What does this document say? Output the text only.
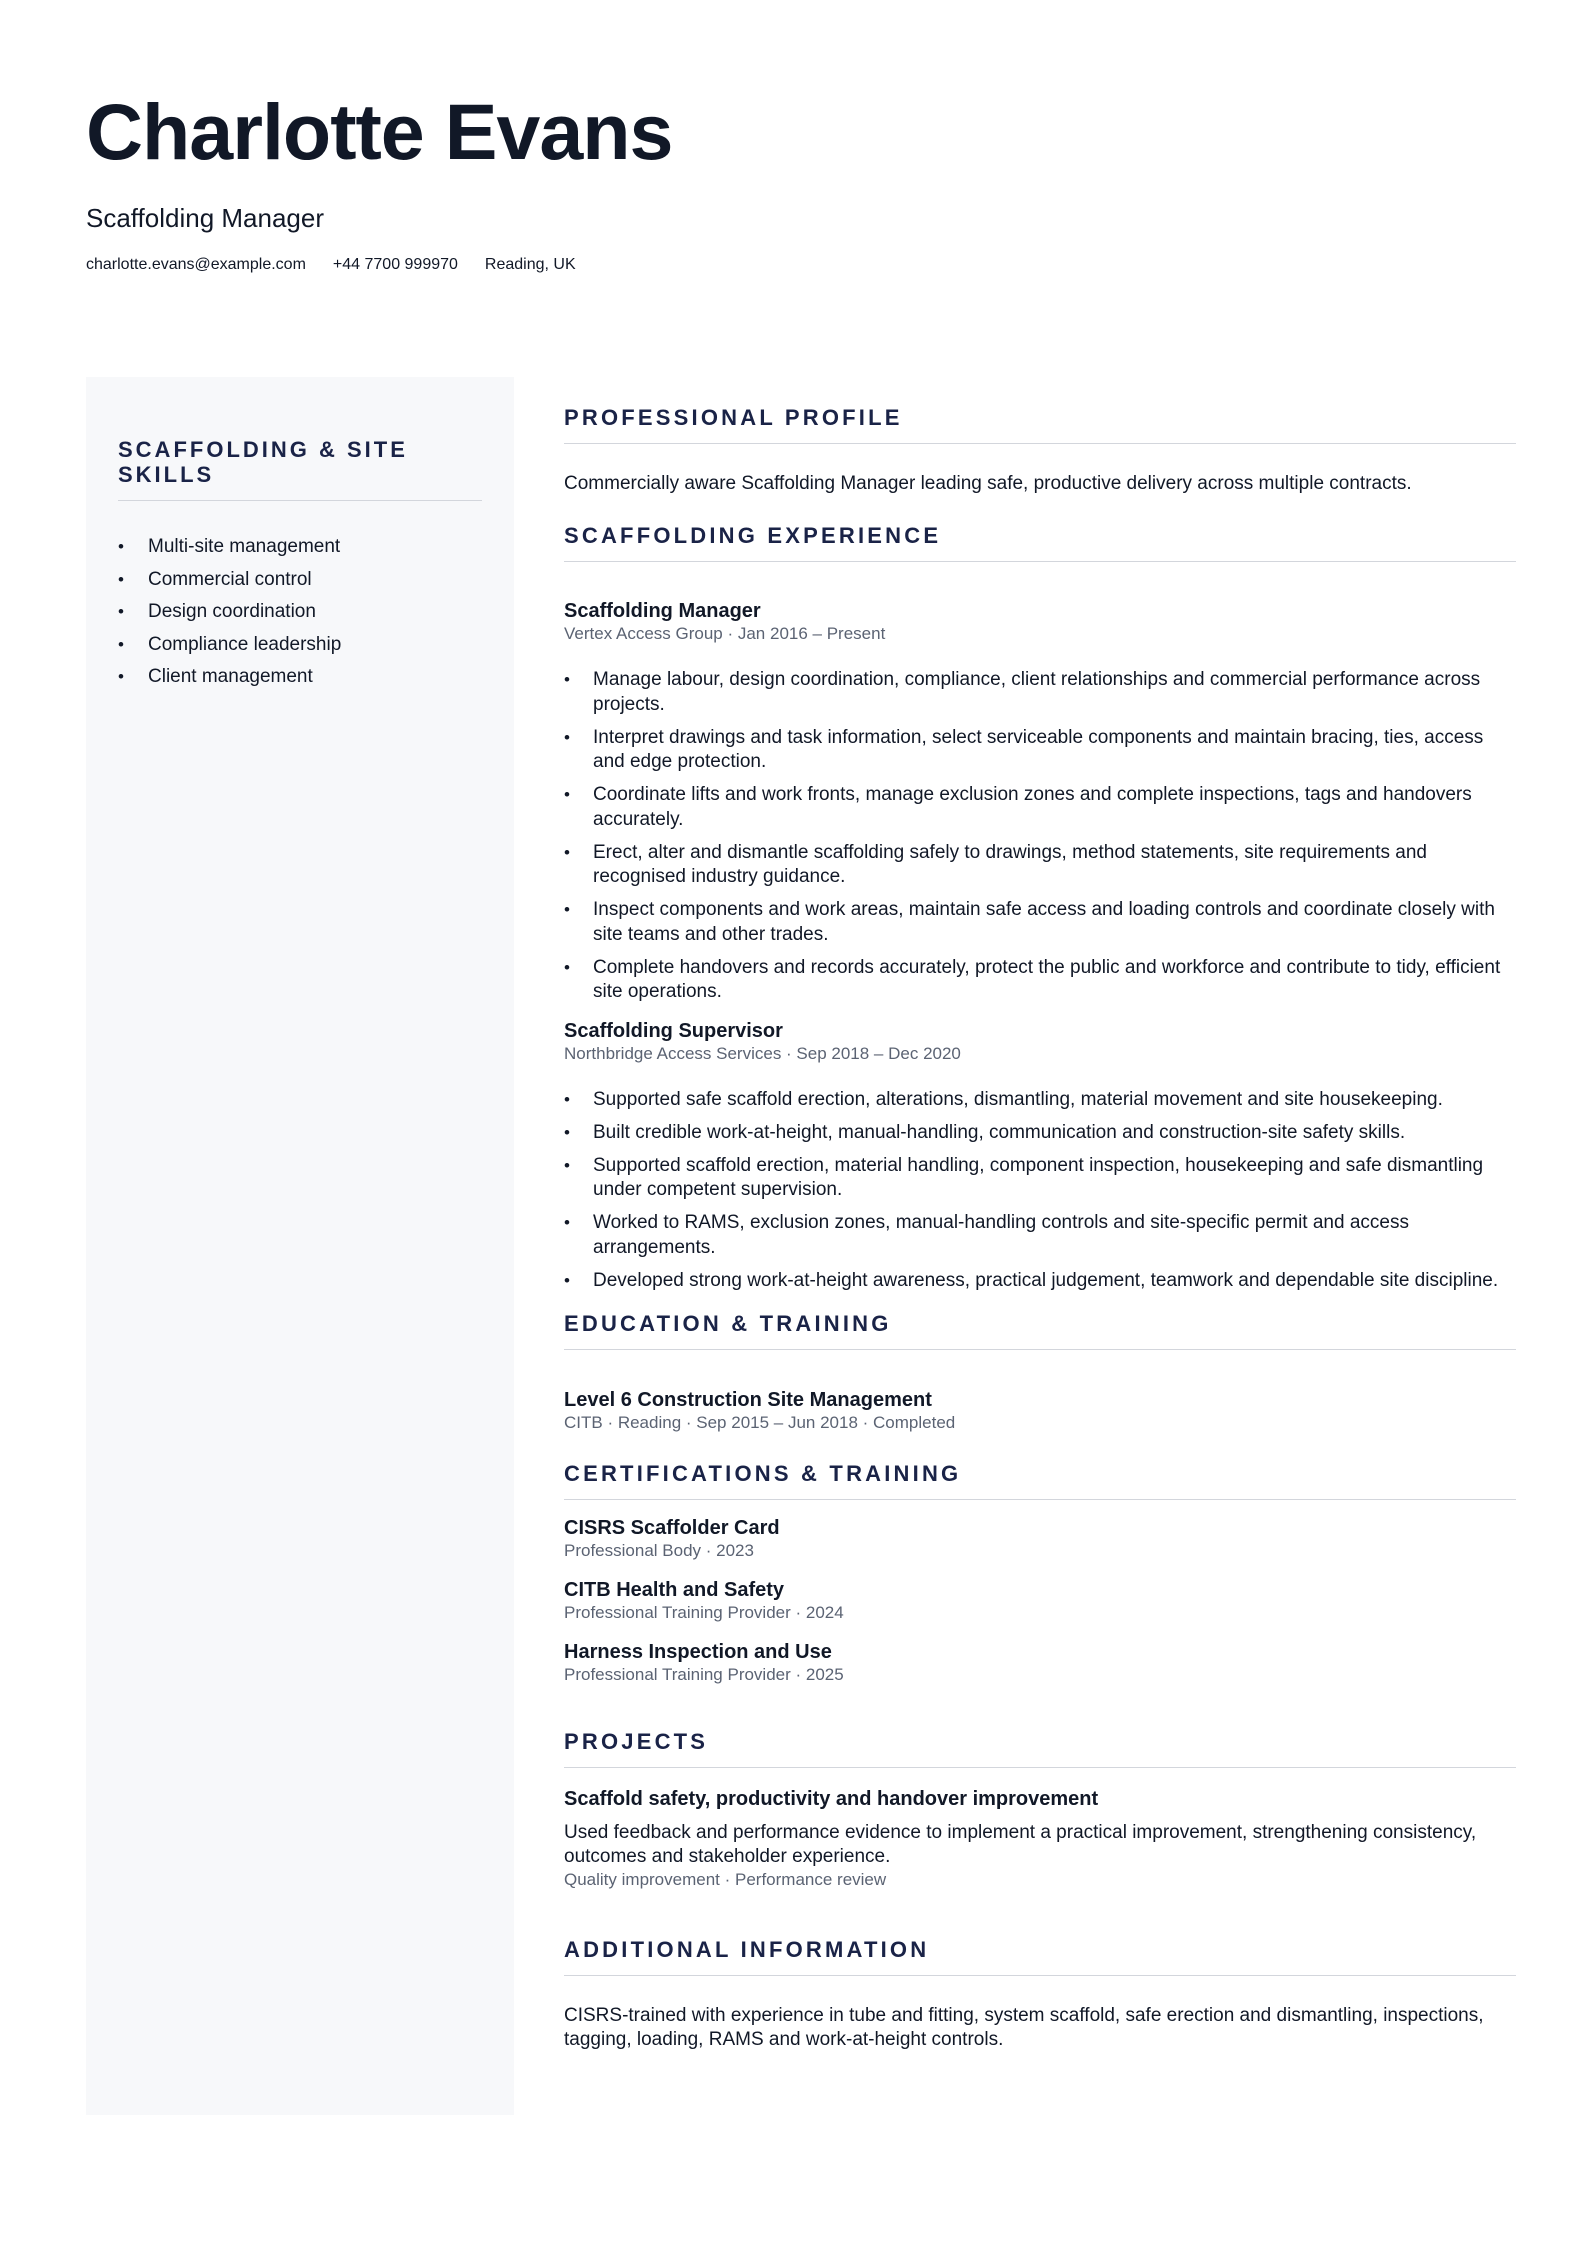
Charlotte Evans
Scaffolding Manager
charlotte.evans@example.com +44 7700 999970 Reading, UK
SCAFFOLDING & SITE SKILLS
• Multi-site management
• Commercial control
• Design coordination
• Compliance leadership
• Client management
PROFESSIONAL PROFILE
Commercially aware Scaffolding Manager leading safe, productive delivery across multiple contracts.
SCAFFOLDING EXPERIENCE
Scaffolding Manager
Vertex Access Group · Jan 2016 – Present
• Manage labour, design coordination, compliance, client relationships and commercial performance across projects.
• Interpret drawings and task information, select serviceable components and maintain bracing, ties, access and edge protection.
• Coordinate lifts and work fronts, manage exclusion zones and complete inspections, tags and handovers accurately.
• Erect, alter and dismantle scaffolding safely to drawings, method statements, site requirements and recognised industry guidance.
• Inspect components and work areas, maintain safe access and loading controls and coordinate closely with site teams and other trades.
• Complete handovers and records accurately, protect the public and workforce and contribute to tidy, efficient site operations.
Scaffolding Supervisor
Northbridge Access Services · Sep 2018 – Dec 2020
• Supported safe scaffold erection, alterations, dismantling, material movement and site housekeeping.
• Built credible work-at-height, manual-handling, communication and construction-site safety skills.
• Supported scaffold erection, material handling, component inspection, housekeeping and safe dismantling under competent supervision.
• Worked to RAMS, exclusion zones, manual-handling controls and site-specific permit and access arrangements.
• Developed strong work-at-height awareness, practical judgement, teamwork and dependable site discipline.
EDUCATION & TRAINING
Level 6 Construction Site Management
CITB · Reading · Sep 2015 – Jun 2018 · Completed
CERTIFICATIONS & TRAINING
CISRS Scaffolder Card
Professional Body · 2023
CITB Health and Safety
Professional Training Provider · 2024
Harness Inspection and Use
Professional Training Provider · 2025
PROJECTS
Scaffold safety, productivity and handover improvement
Used feedback and performance evidence to implement a practical improvement, strengthening consistency, outcomes and stakeholder experience.
Quality improvement · Performance review
ADDITIONAL INFORMATION
CISRS-trained with experience in tube and fitting, system scaffold, safe erection and dismantling, inspections, tagging, loading, RAMS and work-at-height controls.
